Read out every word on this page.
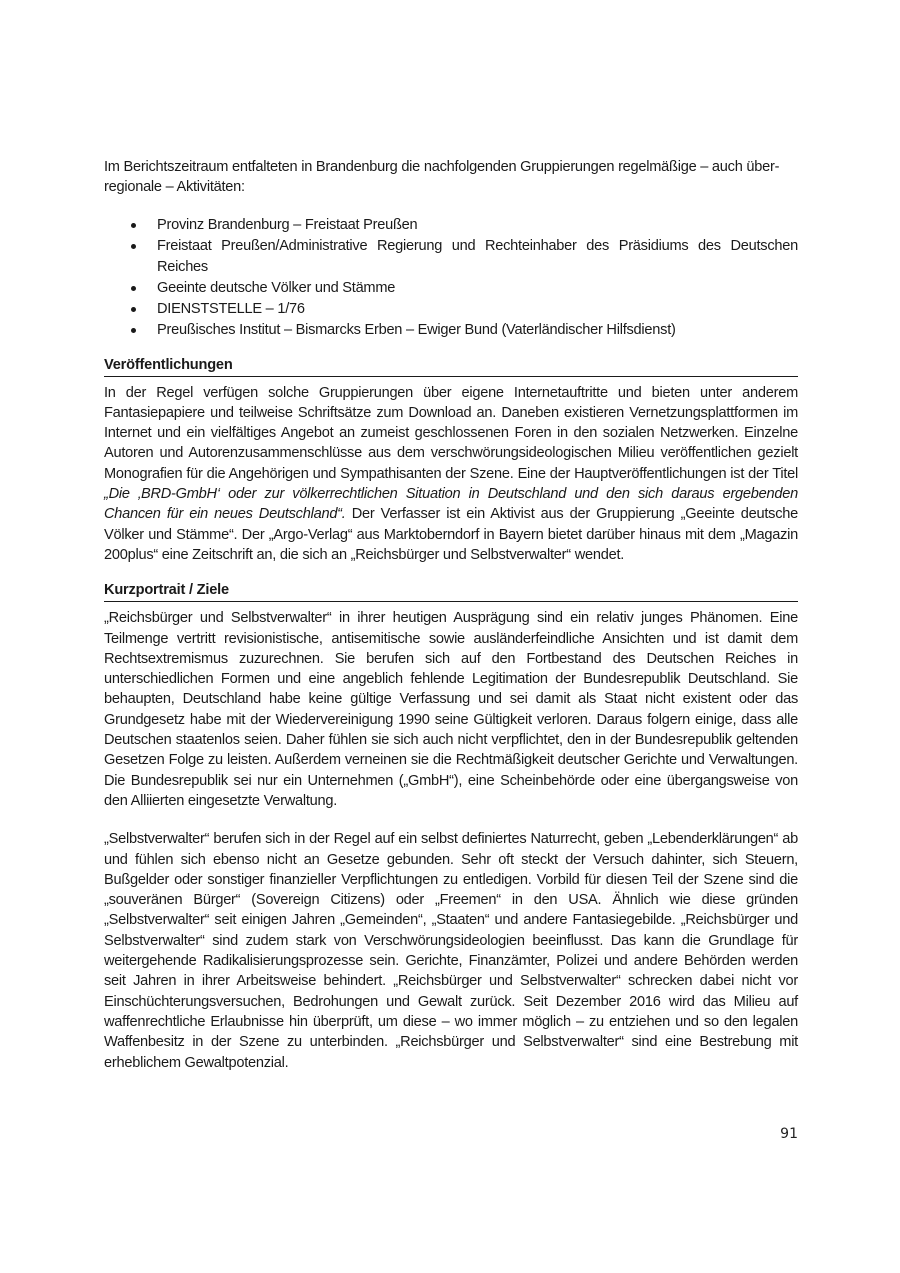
Im Berichtszeitraum entfalteten in Brandenburg die nachfolgenden Gruppierungen regelmäßige – auch über-regionale – Aktivitäten:

Provinz Brandenburg – Freistaat Preußen
Freistaat Preußen/Administrative Regierung und Rechteinhaber des Präsidiums des Deutschen Reiches
Geeinte deutsche Völker und Stämme
DIENSTSTELLE – 1/76
Preußisches Institut – Bismarcks Erben – Ewiger Bund (Vaterländischer Hilfsdienst)
Veröffentlichungen

In der Regel verfügen solche Gruppierungen über eigene Internetauftritte und bieten unter anderem Fantasiepapiere und teilweise Schriftsätze zum Download an. Daneben existieren Vernetzungsplattformen im Internet und ein vielfältiges Angebot an zumeist geschlossenen Foren in den sozialen Netzwerken. Einzelne Autoren und Autorenzusammenschlüsse aus dem verschwörungsideologischen Milieu veröffentlichen gezielt Monografien für die Angehörigen und Sympathisanten der Szene. Eine der Hauptveröffentlichungen ist der Titel „Die ‚BRD-GmbH‘ oder zur völkerrechtlichen Situation in Deutschland und den sich daraus ergebenden Chancen für ein neues Deutschland“. Der Verfasser ist ein Aktivist aus der Gruppierung „Geeinte deutsche Völker und Stämme“. Der „Argo-Verlag“ aus Marktoberndorf in Bayern bietet darüber hinaus mit dem „Magazin 200plus“ eine Zeitschrift an, die sich an „Reichsbürger und Selbstverwalter“ wendet.

Kurzportrait / Ziele

„Reichsbürger und Selbstverwalter“ in ihrer heutigen Ausprägung sind ein relativ junges Phänomen. Eine Teilmenge vertritt revisionistische, antisemitische sowie ausländerfeindliche Ansichten und ist damit dem Rechtsextremismus zuzurechnen. Sie berufen sich auf den Fortbestand des Deutschen Reiches in unterschiedlichen Formen und eine angeblich fehlende Legitimation der Bundesrepublik Deutschland. Sie behaupten, Deutschland habe keine gültige Verfassung und sei damit als Staat nicht existent oder das Grundgesetz habe mit der Wiedervereinigung 1990 seine Gültigkeit verloren. Daraus folgern einige, dass alle Deutschen staatenlos seien. Daher fühlen sie sich auch nicht verpflichtet, den in der Bundesrepublik geltenden Gesetzen Folge zu leisten. Außerdem verneinen sie die Rechtmäßigkeit deutscher Gerichte und Verwaltungen. Die Bundesrepublik sei nur ein Unternehmen („GmbH“), eine Scheinbehörde oder eine übergangsweise von den Alliierten eingesetzte Verwaltung.

„Selbstverwalter“ berufen sich in der Regel auf ein selbst definiertes Naturrecht, geben „Lebenderklärungen“ ab und fühlen sich ebenso nicht an Gesetze gebunden. Sehr oft steckt der Versuch dahinter, sich Steuern, Bußgelder oder sonstiger finanzieller Verpflichtungen zu entledigen. Vorbild für diesen Teil der Szene sind die „souveränen Bürger“ (Sovereign Citizens) oder „Freemen“ in den USA. Ähnlich wie diese gründen „Selbstverwalter“ seit einigen Jahren „Gemeinden“, „Staaten“ und andere Fantasiegebilde. „Reichsbürger und Selbstverwalter“ sind zudem stark von Verschwörungsideologien beeinflusst. Das kann die Grundlage für weitergehende Radikalisierungsprozesse sein. Gerichte, Finanzämter, Polizei und andere Behörden werden seit Jahren in ihrer Arbeitsweise behindert. „Reichsbürger und Selbstverwalter“ schrecken dabei nicht vor Einschüchterungsversuchen, Bedrohungen und Gewalt zurück. Seit Dezember 2016 wird das Milieu auf waffenrechtliche Erlaubnisse hin überprüft, um diese – wo immer möglich – zu entziehen und so den legalen Waffenbesitz in der Szene zu unterbinden. „Reichsbürger und Selbstverwalter“ sind eine Bestrebung mit erheblichem Gewaltpotenzial.

91
